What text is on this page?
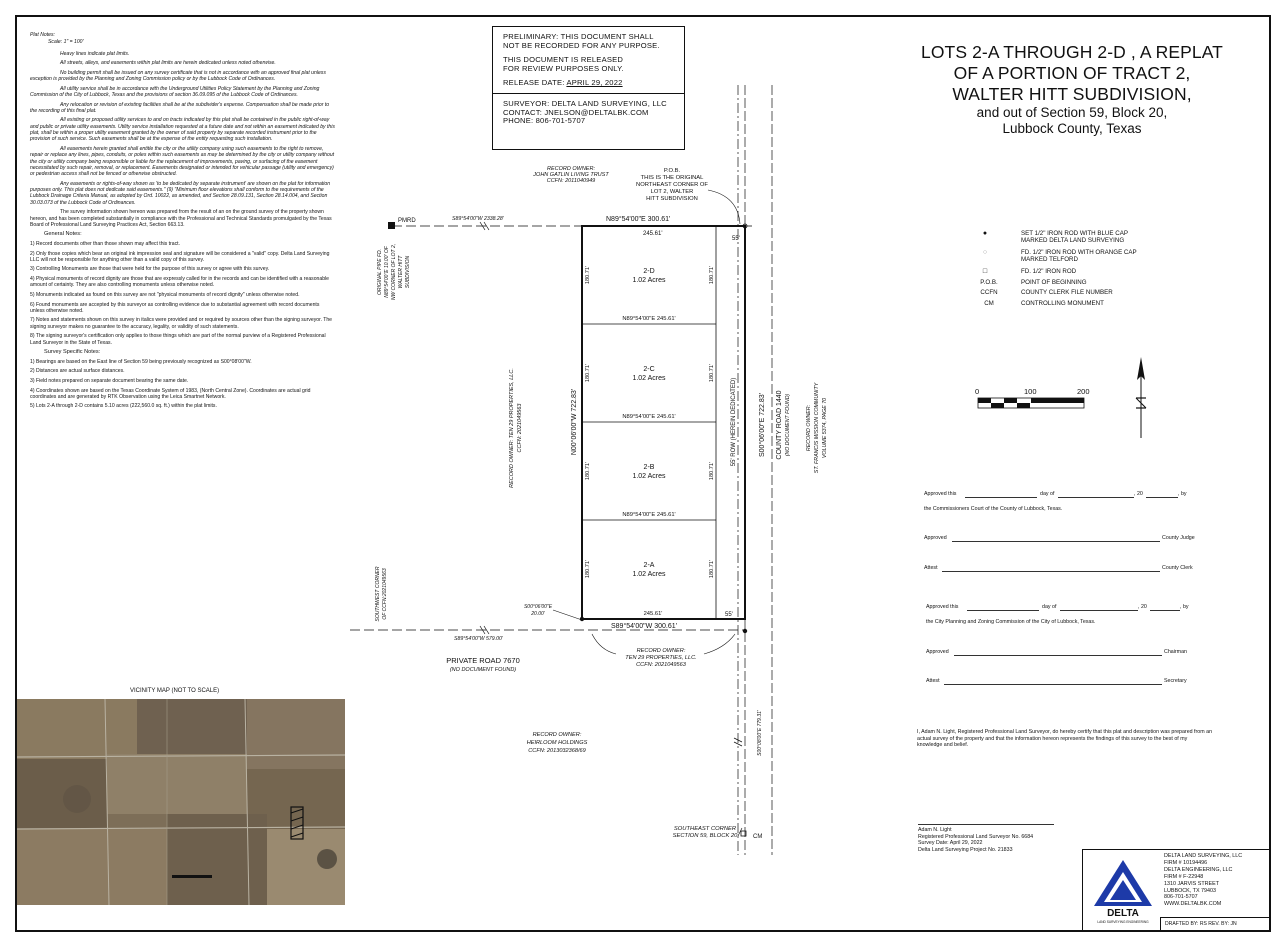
Plat Notes:

Scale: 1" = 100'

Heavy lines indicate plat limits.

All streets, alleys, and easements within plat limits are herein dedicated unless noted otherwise.

No building permit shall be issued on any survey certificate that is not in accordance with an approved final plat unless exception is provided by the Planning and Zoning Commission policy or by the Lubbock Code of Ordinances.

All utility service shall be in accordance with the Underground Utilities Policy Statement by the Planning and Zoning Commission of the City of Lubbock, Texas and the provisions of section 36.09.095 of the Lubbock Code of Ordinances.

Any relocation or revision of existing facilities shall be at the subdivider's expense. Compensation shall be made prior to the recording of this final plat.

All existing or proposed utility services to and on tracts indicated by this plat shall be contained in the public right-of-way and public or private utility easements. Utility service installation requested at a future date and not within an easement indicated by this plat, shall be within a proper utility easement granted by the owner of said property by separate recorded instrument prior to the provision of such service. Such easements shall be at the expense of the entity requesting such installation.

All easements herein granted shall entitle the city or the utility company using such easements to the right to remove, repair or replace any lines, pipes, conduits, or poles within such easements as may be determined by the city or utility company without the city or utility company being responsible or liable for the replacement of improvements, paving, or surfacing of the easement necessitated by such repair, removal, or replacement. Easements designated or intended for vehicular passage (utility and emergency) or pedestrian access shall not be fenced or otherwise obstructed.

Any easements or rights-of-way shown as 'to be dedicated by separate instrument' are shown on the plat for information purposes only. This plat does not dedicate said easements." (9) "Minimum floor elevations shall conform to the requirements of the Lubbock Drainage Criteria Manual, as adopted by Ord. 10022, as amended, and Section 28.09.131, Section 28.14.004, and Section 30.03.073 of the Lubbock Code of Ordinances.

The survey information shown hereon was prepared from the result of an on the ground survey of the property shown hereon, and has been completed substantially in compliance with the Professional and Technical Standards promulgated by the Texas Board of Professional Land Surveying Practices Act, Section 663.13.

General Notes:

1) Record documents other than those shown may affect this tract.

2) Only those copies which bear an original ink impression seal and signature will be considered a "valid" copy. Delta Land Surveying LLC will not be responsible for anything other than a valid copy of this survey.

3) Controlling Monuments are those that were held for the purpose of this survey or agree with this survey.

4) Physical monuments of record dignity are those that are expressly called for in the records and can be identified with a reasonable amount of certainty. They are also controlling monuments unless otherwise noted.

5) Monuments indicated as found on this survey are not "physical monuments of record dignity" unless otherwise noted.

6) Found monuments are accepted by this surveyor as controlling evidence due to substantial agreement with record documents unless otherwise noted.

7) Notes and statements shown on this survey in italics were provided and or required by sources other than the signing surveyor. The signing surveyor makes no guarantee to the accuracy, legality, or validity of such statements.

8) The signing surveyor's certification only applies to those things which are part of the normal purview of a Registered Professional Land Surveyor in the State of Texas.

Survey Specific Notes:

1) Bearings are based on the East line of Section 59 being previously recognized as S00°08'00"W.

2) Distances are actual surface distances.

3) Field notes prepared on separate document bearing the same date.

4) Coordinates shown are based on the Texas Coordinate System of 1983, (North Central Zone). Coordinates are actual grid coordinates and are generated by RTK Observation using the Leica Smartnet Network.

5) Lots 2-A through 2-D contains 5.10 acres (222,560.0 sq. ft.) within the plat limits.

VICINITY MAP (NOT TO SCALE)
PRELIMINARY: THIS DOCUMENT SHALL
NOT BE RECORDED FOR ANY PURPOSE.
THIS DOCUMENT IS RELEASED
FOR REVIEW PURPOSES ONLY.
RELEASE DATE: APRIL 29, 2022
SURVEYOR: DELTA LAND SURVEYING, LLC
CONTACT: JNELSON@DELTALBK.COM
PHONE: 806-701-5707
LOTS 2-A THROUGH 2-D , A REPLAT
OF A PORTION OF TRACT 2,
WALTER HITT SUBDIVISION,
and out of Section 59, Block 20,
Lubbock County, Texas
PMRD	S89°54'00"W 2338.28'	N89°54'00"E 300.61'
245.61'
55'
RECORD OWNER:
JOHN GATLIN LIVING TRUST
CCFN: 2011040949
P.O.B.
THIS IS THE ORIGINAL
NORTHEAST CORNER OF
LOT 2, WALTER
HITT SUBDIVISION
2-D
1.02 Acres
2-C
1.02 Acres
2-B
1.02 Acres
2-A
1.02 Acres
N89°54'00"E 245.61'
N89°54'00"E 245.61'
N89°54'00"E 245.61'
245.61'	55'
S89°54'00"W 300.61'
180.71'	180.71'
180.71'	180.71'
180.71'	180.71'
180.71'	180.71'
N00°06'00"W 722.83'	S00°06'00"E 722.83'
55' ROW (HEREIN DEDICATED)	COUNTY ROAD 1440 (NO DOCUMENT FOUND)	RECORD OWNER: ST. FRANCIS MISSION COMMUNITY VOLUME 5374, PAGE 70
RECORD OWNER: TEN 29 PROPERTIES, LLC. CCFN: 2021049563
ORIGINAL PIPE FD. N89°54'00"E 10.00' OF NW CORNER OF LOT 2, WALTER HITT SUBDIVISION
SOUTHWEST CORNER OF CCFN:2021049563	S00°06'00"E
20.00'
S89°54'00"W 579.00'
RECORD OWNER:
TEN 29 PROPERTIES, LLC.
CCFN: 2021049563
PRIVATE ROAD 7670
(NO DOCUMENT FOUND)
RECORD OWNER:
HEIRLOOM HOLDINGS
CCFN: 2013032368/69	S00°08'00"E 779.31'
SOUTHEAST CORNER
SECTION 59, BLOCK 20	CM
0	100	200
●	SET 1/2" IRON ROD WITH BLUE CAP
MARKED DELTA LAND SURVEYING
○	FD. 1/2" IRON ROD WITH ORANGE CAP
MARKED TELFORD
□	FD. 1/2" IRON ROD
P.O.B.	POINT OF BEGINNING
CCFN	COUNTY CLERK FILE NUMBER
CM	CONTROLLING MONUMENT
Approved this	day of	, 20	, by
the Commissioners Court of the County of Lubbock, Texas.
Approved	County Judge
Attest	County Clerk
Approved this	day of	, 20	, by
the City Planning and Zoning Commission of the City of Lubbock, Texas.
Approved	Chairman
Attest	Secretary
I, Adam N. Light, Registered Professional Land Surveyor, do hereby certify that this plat and description was prepared from an actual survey of the property and that the information hereon represents the findings of this survey to the best of my knowledge and belief.
Adam N. Light
Registered Professional Land Surveyor No. 6684
Survey Date: April 29, 2022
Delta Land Surveying Project No. 21833
DELTA
LAND SURVEYING ENGINEERING
DELTA LAND SURVEYING, LLC
FIRM # 10194496
DELTA ENGINEERING, LLC
FIRM # F-22948
1310 JARVIS STREET
LUBBOCK, TX 79403
806-701-5707
WWW.DELTALBK.COM
DRAFTED BY: RS REV. BY: JN
